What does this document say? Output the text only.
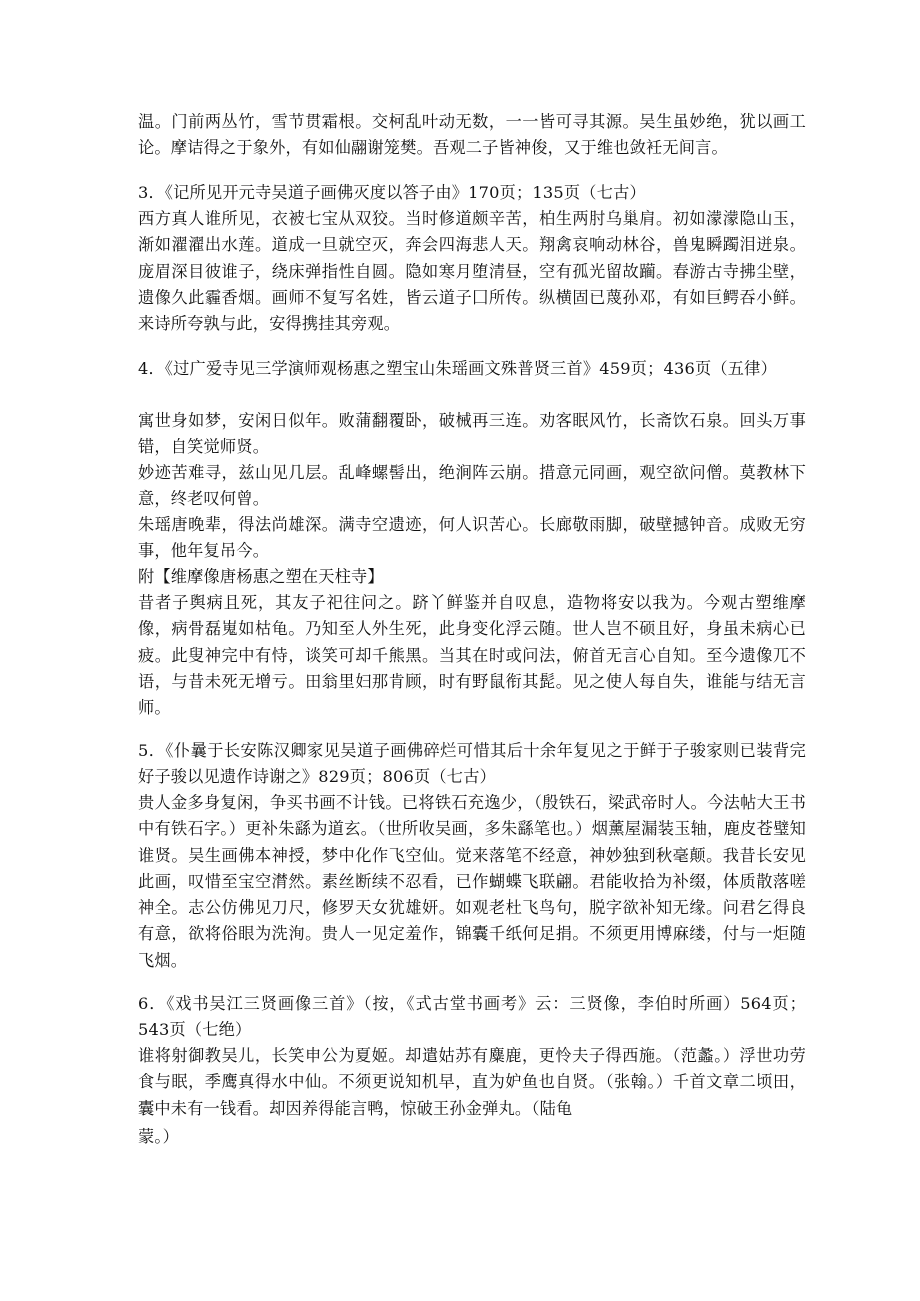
温。门前两丛竹，雪节贯霜根。交柯乱叶动无数，一一皆可寻其源。吴生虽妙绝，犹以画工论。摩诘得之于象外，有如仙翮谢笼樊。吾观二子皆神俊，又于维也敛衽无间言。

3．《记所见开元寺吴道子画佛灭度以答子由》170页；135页（七古）

西方真人谁所见，衣被七宝从双狡。当时修道颇辛苦，柏生两肘乌巢肩。初如濛濛隐山玉，渐如濯濯出水莲。道成一旦就空灭，奔会四海悲人天。翔禽哀响动林谷，兽鬼瞬躅泪迸泉。庞眉深目彼谁子，绕床弹指性自圆。隐如寒月堕清昼，空有孤光留故躏。春游古寺拂尘壁，遗像久此霾香烟。画师不复写名姓，皆云道子囗所传。纵横固已蔑孙邓，有如巨鳄吞小鲜。来诗所夸孰与此，安得携挂其旁观。

4．《过广爱寺见三学演师观杨惠之塑宝山朱瑶画文殊普贤三首》459页；436页（五律）

寓世身如梦，安闲日似年。败蒲翻覆卧，破械再三连。劝客眠风竹，长斋饮石泉。回头万事错，自笑觉师贤。

妙迹苦难寻，兹山见几层。乱峰螺髻出，绝涧阵云崩。措意元同画，观空欲问僧。莫教林下意，终老叹何曾。

朱瑶唐晚辈，得法尚雄深。满寺空遗迹，何人识苦心。长廊敬雨脚，破壁撼钟音。成败无穷事，他年复吊今。

附【维摩像唐杨惠之塑在天柱寺】

昔者子舆病且死，其友子祀往问之。跻丫鲜鉴并自叹息，造物将安以我为。今观古塑维摩像，病骨磊嵬如枯龟。乃知至人外生死，此身变化浮云随。世人岂不硕且好，身虽未病心已疲。此叟神完中有恃，谈笑可却千熊黑。当其在时或问法，俯首无言心自知。至今遗像兀不语，与昔未死无增亏。田翁里妇那肯顾，时有野鼠衔其髭。见之使人每自失，谁能与结无言师。

5．《仆曩于长安陈汉卿家见吴道子画佛碎烂可惜其后十余年复见之于鲜于子骏家则已装背完好子骏以见遗作诗谢之》829页；806页（七古）

贵人金多身复闲，争买书画不计钱。已将铁石充逸少，（殷铁石，梁武帝时人。今法帖大王书中有铁石字。）更补朱繇为道玄。（世所收吴画，多朱繇笔也。）烟薰屋漏装玉轴，鹿皮苍璧知谁贤。吴生画佛本神授，梦中化作飞空仙。觉来落笔不经意，神妙独到秋毫颠。我昔长安见此画，叹惜至宝空潸然。素丝断续不忍看，已作蝴蝶飞联翩。君能收拾为补缀，体质散落嗟神全。志公仿佛见刀尺，修罗天女犹雄妍。如观老杜飞鸟句，脱字欲补知无缘。问君乞得良有意，欲将俗眼为洗洵。贵人一见定羞作，锦囊千纸何足捐。不须更用博麻缕，付与一炬随飞烟。

6．《戏书吴江三贤画像三首》（按，《式古堂书画考》云：三贤像，李伯时所画）564页；543页（七绝）

谁将射御教吴儿，长笑申公为夏姬。却遣姑苏有麋鹿，更怜夫子得西施。（范蠡。）浮世功劳食与眠，季鹰真得水中仙。不须更说知机早，直为妒鱼也自贤。（张翰。）千首文章二顷田，囊中未有一钱看。却因养得能言鸭，惊破王孙金弹丸。（陆龟

蒙。）
